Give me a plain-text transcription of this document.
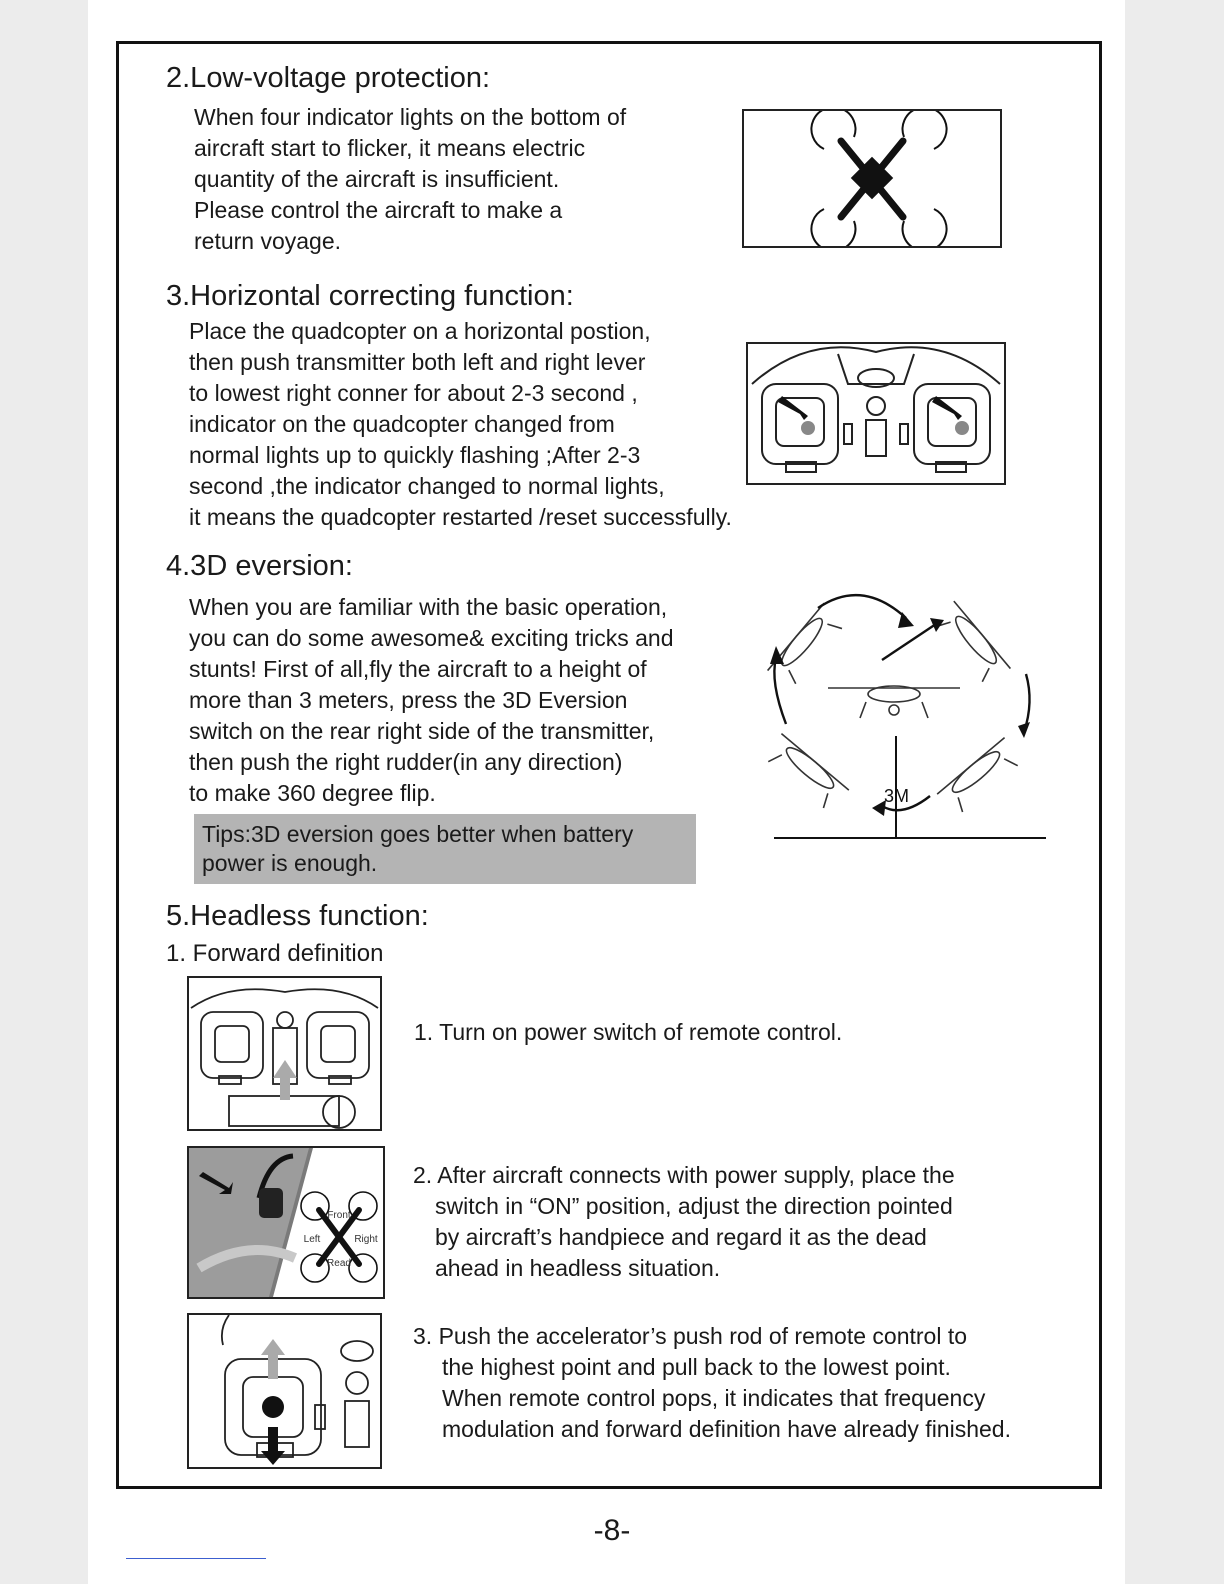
2.Low-voltage protection:

When four indicator lights on the bottom of
aircraft start to flicker, it means electric
quantity of the aircraft is insufficient.
Please control the aircraft to make a
return voyage.

3.Horizontal correcting function:

Place the quadcopter on a horizontal postion,
then push transmitter both left and right lever
to lowest right conner for about 2-3 second ,
indicator on the quadcopter changed from
normal lights up to quickly flashing ;After 2-3
second ,the indicator changed to normal lights,
it means the quadcopter restarted /reset successfully.

4.3D eversion:

When you are familiar with the basic operation,
you can do some awesome& exciting tricks and
stunts! First of all,fly the aircraft to a height of
more than 3 meters, press the 3D Eversion
switch on the rear right side of the transmitter,
then push the right rudder(in any direction)
to make 360 degree flip.

Tips:3D eversion goes better when battery
power is enough.
3M
5.Headless function:

1. Forward definition

1. Turn on power switch of remote control.

Front
Left	Right
Read

2. After aircraft connects with power supply, place the

switch in “ON” position, adjust the direction pointed
by aircraft’s handpiece and regard it as the dead
ahead in headless situation.

3. Push the accelerator’s push rod of remote control to

the highest point and pull back to the lowest point.
When remote control pops, it indicates that frequency
modulation and forward definition have already finished.

-8-
